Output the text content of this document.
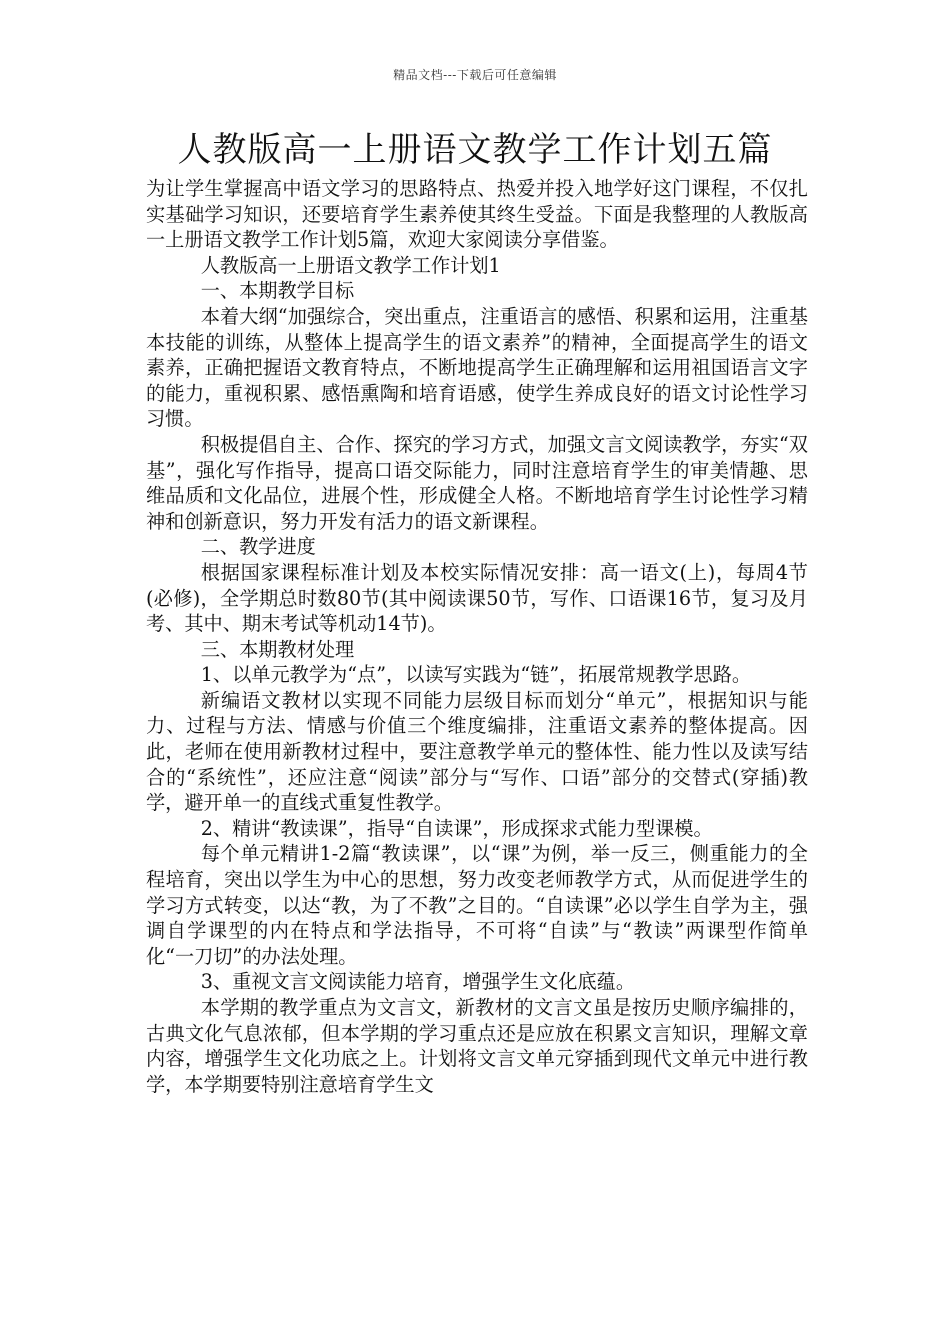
精品文档---下载后可任意编辑
人教版高一上册语文教学工作计划五篇

为让学生掌握高中语文学习的思路特点、热爱并投入地学好这门课程，不仅扎实基础学习知识，还要培育学生素养使其终生受益。下面是我整理的人教版高一上册语文教学工作计划5篇，欢迎大家阅读分享借鉴。

人教版高一上册语文教学工作计划1

一、本期教学目标

本着大纲“加强综合，突出重点，注重语言的感悟、积累和运用，注重基本技能的训练，从整体上提高学生的语文素养”的精神，全面提高学生的语文素养，正确把握语文教育特点，不断地提高学生正确理解和运用祖国语言文字的能力，重视积累、感悟熏陶和培育语感，使学生养成良好的语文讨论性学习习惯。

积极提倡自主、合作、探究的学习方式，加强文言文阅读教学，夯实“双基”，强化写作指导，提高口语交际能力，同时注意培育学生的审美情趣、思维品质和文化品位，进展个性，形成健全人格。不断地培育学生讨论性学习精神和创新意识，努力开发有活力的语文新课程。

二、教学进度

根据国家课程标准计划及本校实际情况安排：高一语文(上)，每周4节(必修)，全学期总时数80节(其中阅读课50节，写作、口语课16节，复习及月考、其中、期末考试等机动14节)。

三、本期教材处理

1、以单元教学为“点”，以读写实践为“链”，拓展常规教学思路。

新编语文教材以实现不同能力层级目标而划分“单元”，根据知识与能力、过程与方法、情感与价值三个维度编排，注重语文素养的整体提高。因此，老师在使用新教材过程中，要注意教学单元的整体性、能力性以及读写结合的“系统性”，还应注意“阅读”部分与“写作、口语”部分的交替式(穿插)教学，避开单一的直线式重复性教学。

2、精讲“教读课”，指导“自读课”，形成探求式能力型课模。

每个单元精讲1-2篇“教读课”，以“课”为例，举一反三，侧重能力的全程培育，突出以学生为中心的思想，努力改变老师教学方式，从而促进学生的学习方式转变，以达“教，为了不教”之目的。“自读课”必以学生自学为主，强调自学课型的内在特点和学法指导，不可将“自读”与“教读”两课型作简单化“一刀切”的办法处理。

3、重视文言文阅读能力培育，增强学生文化底蕴。

本学期的教学重点为文言文，新教材的文言文虽是按历史顺序编排的，古典文化气息浓郁，但本学期的学习重点还是应放在积累文言知识，理解文章内容，增强学生文化功底之上。计划将文言文单元穿插到现代文单元中进行教学，本学期要特别注意培育学生文
